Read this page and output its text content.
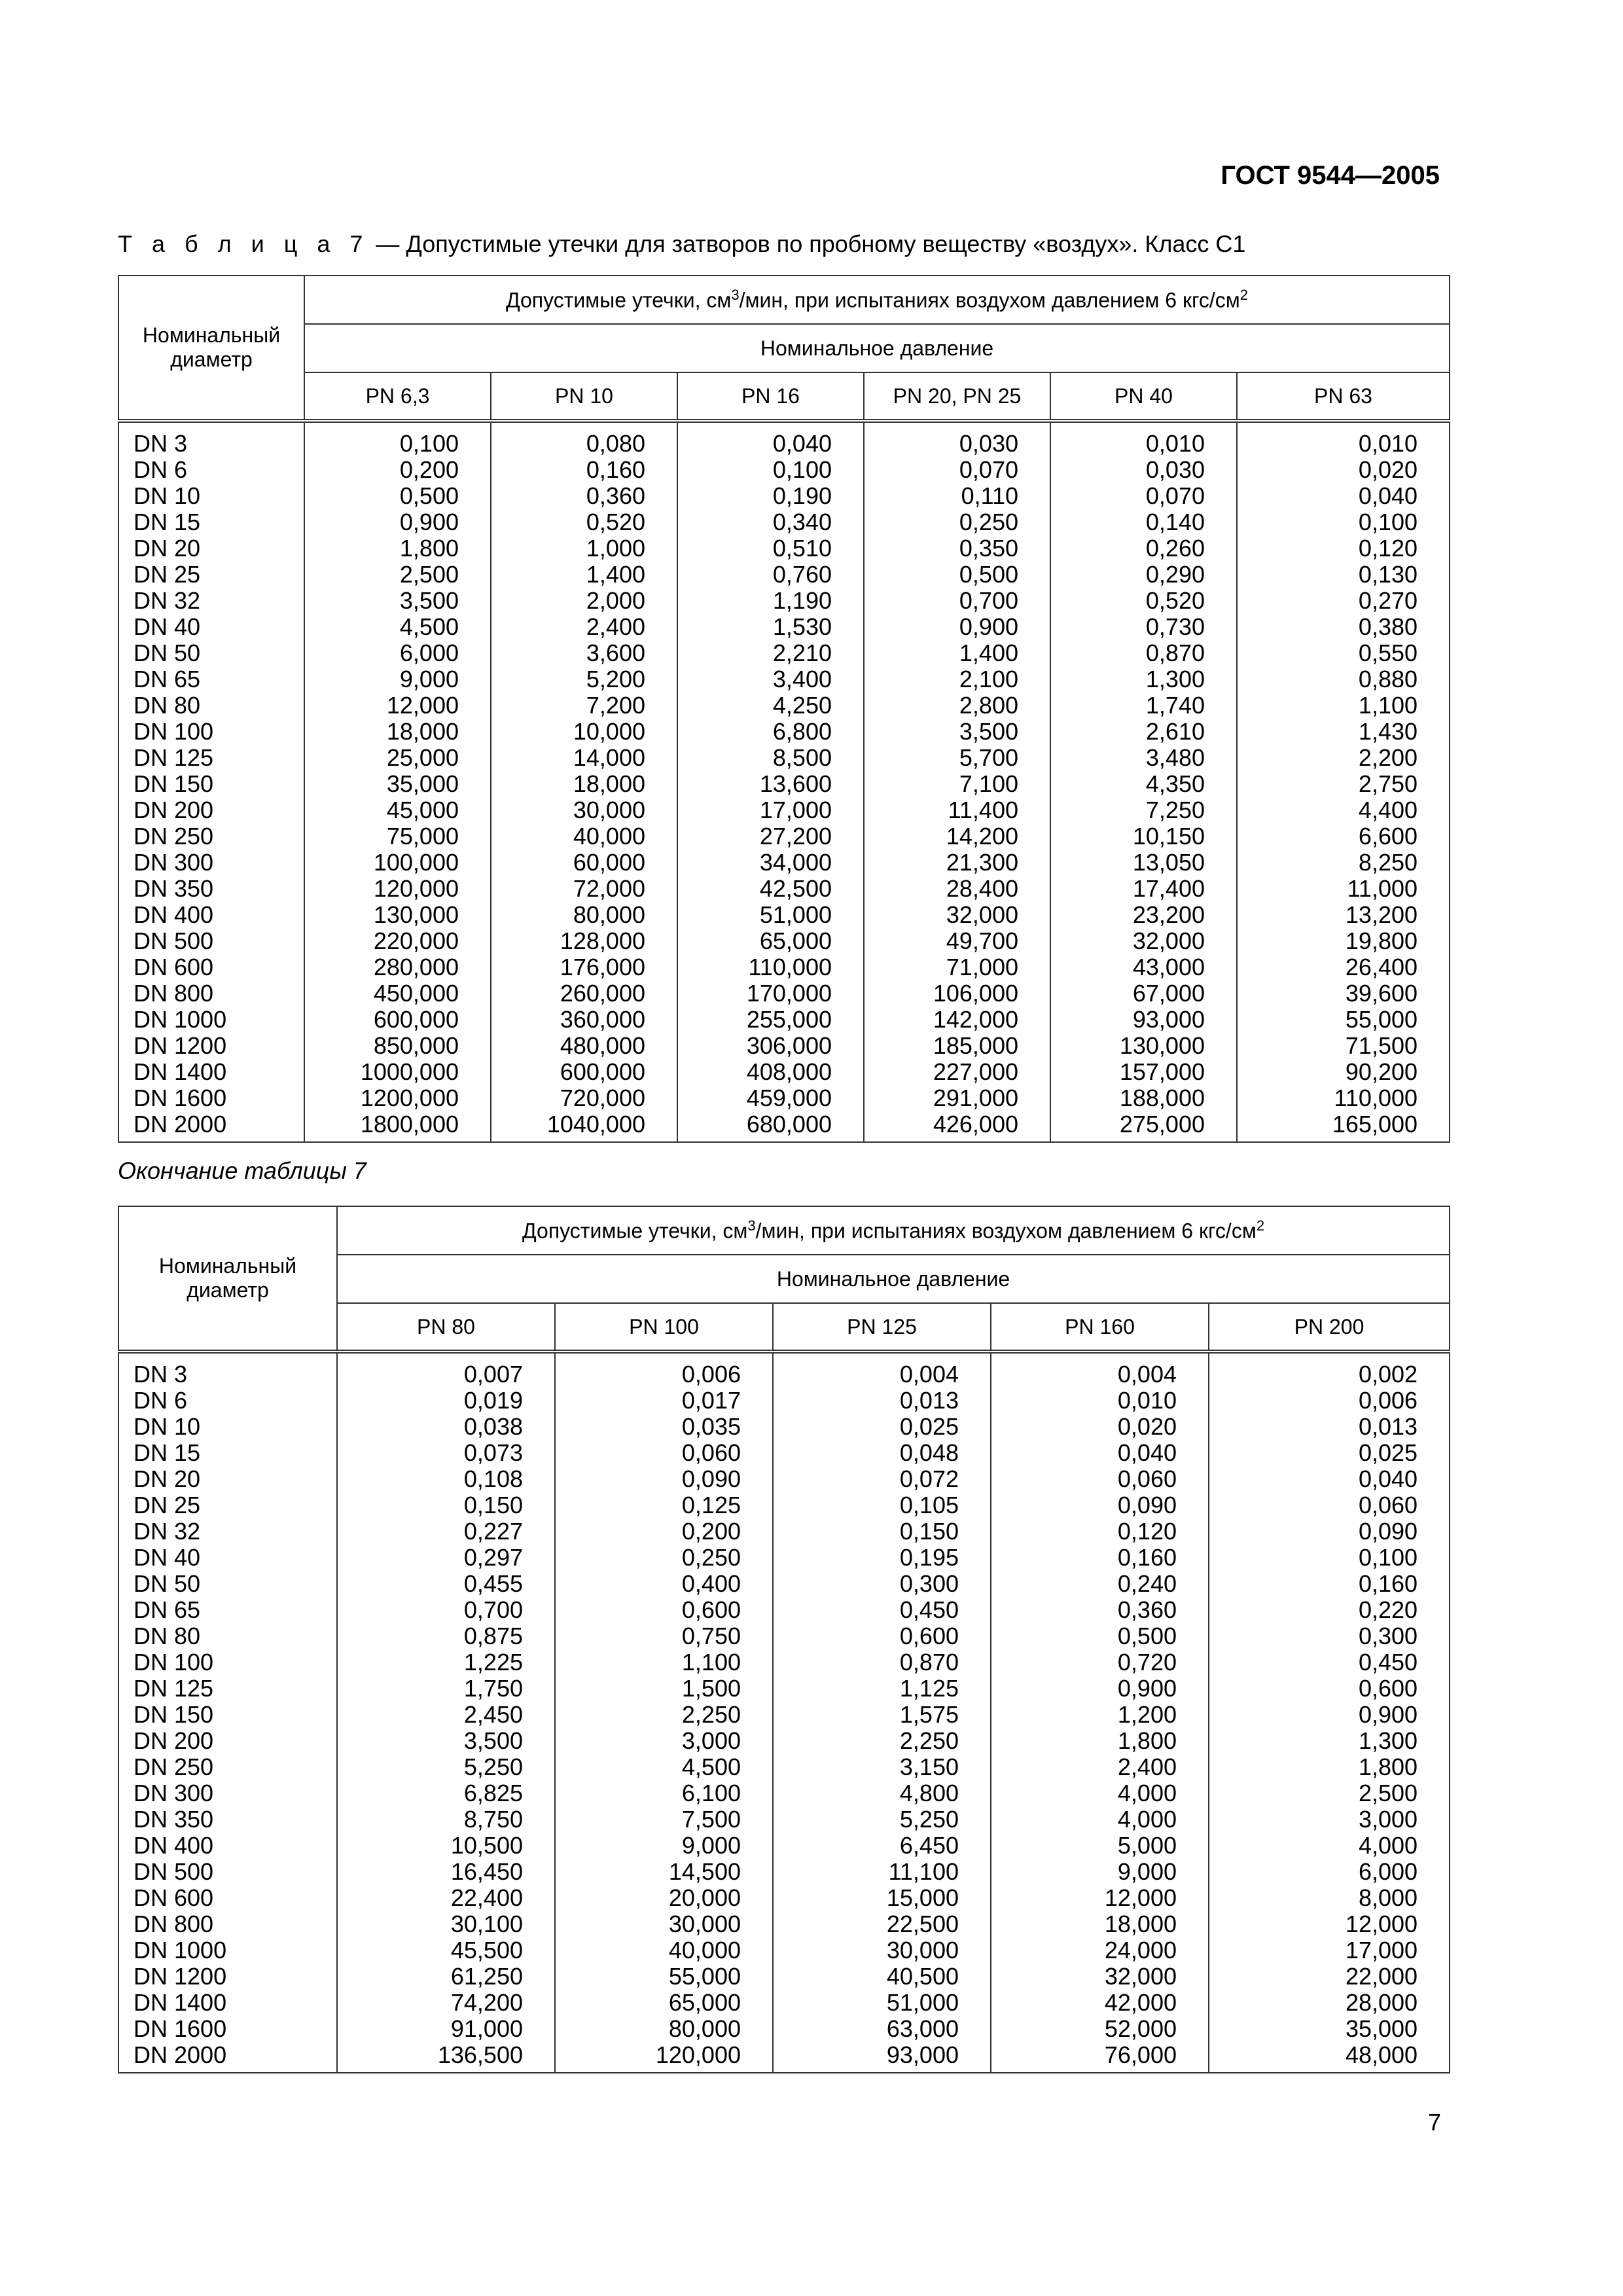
ГОСТ 9544—2005
Т а б л и ц а 7 — Допустимые утечки для затворов по пробному веществу «воздух». Класс С1
Номинальный диаметр	Допустимые утечки, $см^3$/мин, при испытаниях воздухом давлением 6 кгс/$см^2$
	Номинальное давление					
	PN 6,3	PN 10	PN 16	PN 20, PN 25	PN 40	PN 63
DN 3	0,100	0,080	0,040	0,030	0,010	0,010
DN 6	0,200	0,160	0,100	0,070	0,030	0,020
DN 10	0,500	0,360	0,190	0,110	0,070	0,040
DN 15	0,900	0,520	0,340	0,250	0,140	0,100
DN 20	1,800	1,000	0,510	0,350	0,260	0,120
DN 25	2,500	1,400	0,760	0,500	0,290	0,130
DN 32	3,500	2,000	1,190	0,700	0,520	0,270
DN 40	4,500	2,400	1,530	0,900	0,730	0,380
DN 50	6,000	3,600	2,210	1,400	0,870	0,550
DN 65	9,000	5,200	3,400	2,100	1,300	0,880
DN 80	12,000	7,200	4,250	2,800	1,740	1,100
DN 100	18,000	10,000	6,800	3,500	2,610	1,430
DN 125	25,000	14,000	8,500	5,700	3,480	2,200
DN 150	35,000	18,000	13,600	7,100	4,350	2,750
DN 200	45,000	30,000	17,000	11,400	7,250	4,400
DN 250	75,000	40,000	27,200	14,200	10,150	6,600
DN 300	100,000	60,000	34,000	21,300	13,050	8,250
DN 350	120,000	72,000	42,500	28,400	17,400	11,000
DN 400	130,000	80,000	51,000	32,000	23,200	13,200
DN 500	220,000	128,000	65,000	49,700	32,000	19,800
DN 600	280,000	176,000	110,000	71,000	43,000	26,400
DN 800	450,000	260,000	170,000	106,000	67,000	39,600
DN 1000	600,000	360,000	255,000	142,000	93,000	55,000
DN 1200	850,000	480,000	306,000	185,000	130,000	71,500
DN 1400	1000,000	600,000	408,000	227,000	157,000	90,200
DN 1600	1200,000	720,000	459,000	291,000	188,000	110,000
DN 2000	1800,000	1040,000	680,000	426,000	275,000	165,000
Окончание таблицы 7
Номинальный диаметр	Допустимые утечки, $см^3$/мин, при испытаниях воздухом давлением 6 кгс/$см^2$
	Номинальное давление				
	PN 80	PN 100	PN 125	PN 160	PN 200
DN 3	0,007	0,006	0,004	0,004	0,002
DN 6	0,019	0,017	0,013	0,010	0,006
DN 10	0,038	0,035	0,025	0,020	0,013
DN 15	0,073	0,060	0,048	0,040	0,025
DN 20	0,108	0,090	0,072	0,060	0,040
DN 25	0,150	0,125	0,105	0,090	0,060
DN 32	0,227	0,200	0,150	0,120	0,090
DN 40	0,297	0,250	0,195	0,160	0,100
DN 50	0,455	0,400	0,300	0,240	0,160
DN 65	0,700	0,600	0,450	0,360	0,220
DN 80	0,875	0,750	0,600	0,500	0,300
DN 100	1,225	1,100	0,870	0,720	0,450
DN 125	1,750	1,500	1,125	0,900	0,600
DN 150	2,450	2,250	1,575	1,200	0,900
DN 200	3,500	3,000	2,250	1,800	1,300
DN 250	5,250	4,500	3,150	2,400	1,800
DN 300	6,825	6,100	4,800	4,000	2,500
DN 350	8,750	7,500	5,250	4,000	3,000
DN 400	10,500	9,000	6,450	5,000	4,000
DN 500	16,450	14,500	11,100	9,000	6,000
DN 600	22,400	20,000	15,000	12,000	8,000
DN 800	30,100	30,000	22,500	18,000	12,000
DN 1000	45,500	40,000	30,000	24,000	17,000
DN 1200	61,250	55,000	40,500	32,000	22,000
DN 1400	74,200	65,000	51,000	42,000	28,000
DN 1600	91,000	80,000	63,000	52,000	35,000
DN 2000	136,500	120,000	93,000	76,000	48,000
7
